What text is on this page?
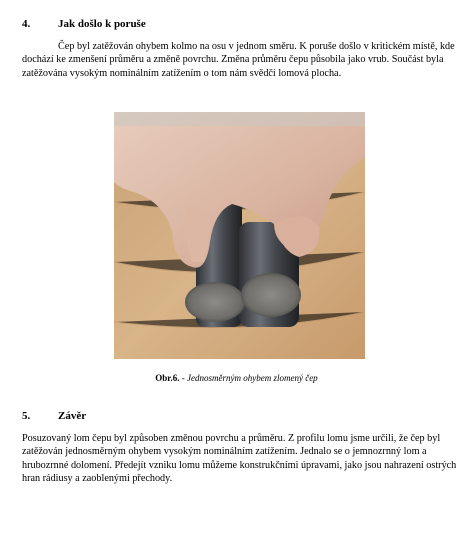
4.	Jak došlo k poruše

Čep byl zatěžován ohybem kolmo na osu v jednom směru. K poruše došlo v kritickém místě, kde dochází ke zmenšení průměru a změně povrchu. Změna průměru čepu působila jako vrub. Součást byla zatěžována vysokým nominálním zatížením o tom nám svědčí lomová plocha.

Obr.6. - Jednosměrným ohybem zlomený čep
5.	Závěr

Posuzovaný lom čepu byl způsoben změnou povrchu a průměru. Z profilu lomu jsme určili, že čep byl zatěžován jednosměrným ohybem vysokým nominálním zatížením. Jednalo se o jemnozrnný lom a hrubozrnné dolomení. Předejít vzniku lomu můžeme konstrukčními úpravami, jako jsou nahrazení ostrých hran rádiusy a zaoblenými přechody.
